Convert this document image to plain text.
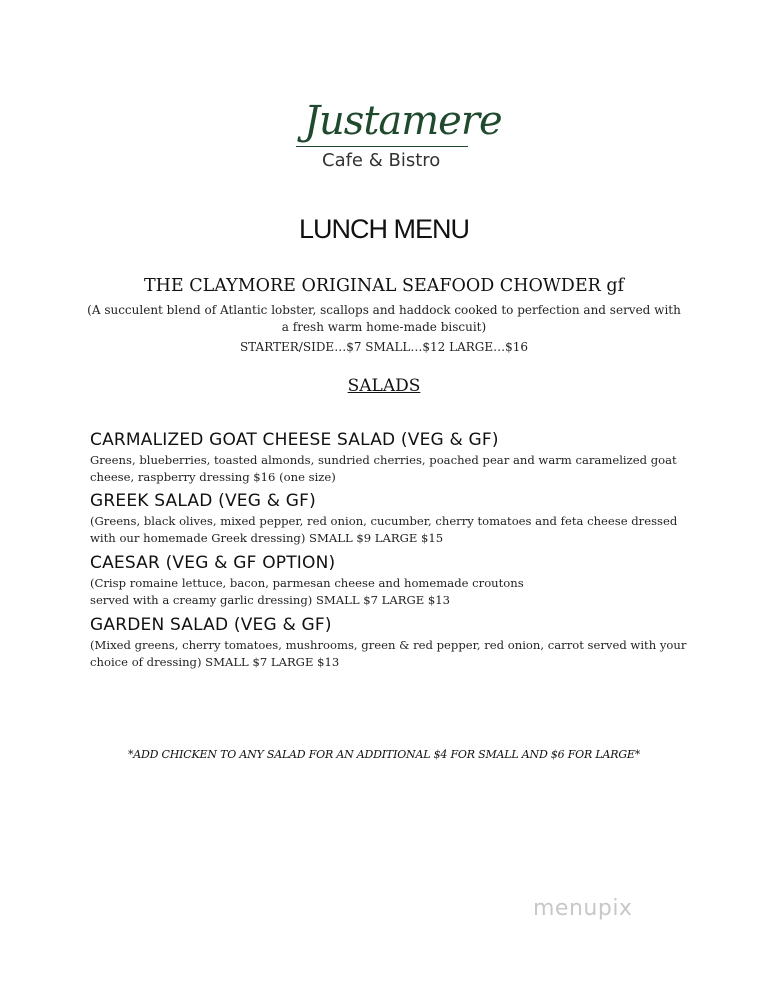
Justamere
Cafe & Bistro
LUNCH MENU
THE CLAYMORE ORIGINAL SEAFOOD CHOWDER gf
(A succulent blend of Atlantic lobster, scallops and haddock cooked to perfection and served with a fresh warm home-made biscuit)
STARTER/SIDE…$7 SMALL…$12 LARGE…$16
SALADS

CARMALIZED GOAT CHEESE SALAD (VEG & GF)

Greens, blueberries, toasted almonds, sundried cherries, poached pear and warm caramelized goat cheese, raspberry dressing $16 (one size)

GREEK SALAD (VEG & GF)

(Greens, black olives, mixed pepper, red onion, cucumber, cherry tomatoes and feta cheese dressed with our homemade Greek dressing) SMALL $9 LARGE $15

CAESAR (VEG & GF OPTION)

(Crisp romaine lettuce, bacon, parmesan cheese and homemade croutons
served with a creamy garlic dressing) SMALL $7 LARGE $13

GARDEN SALAD (VEG & GF)

(Mixed greens, cherry tomatoes, mushrooms, green & red pepper, red onion, carrot served with your choice of dressing) SMALL $7 LARGE $13

*ADD CHICKEN TO ANY SALAD FOR AN ADDITIONAL $4 FOR SMALL AND $6 FOR LARGE*
menupix
